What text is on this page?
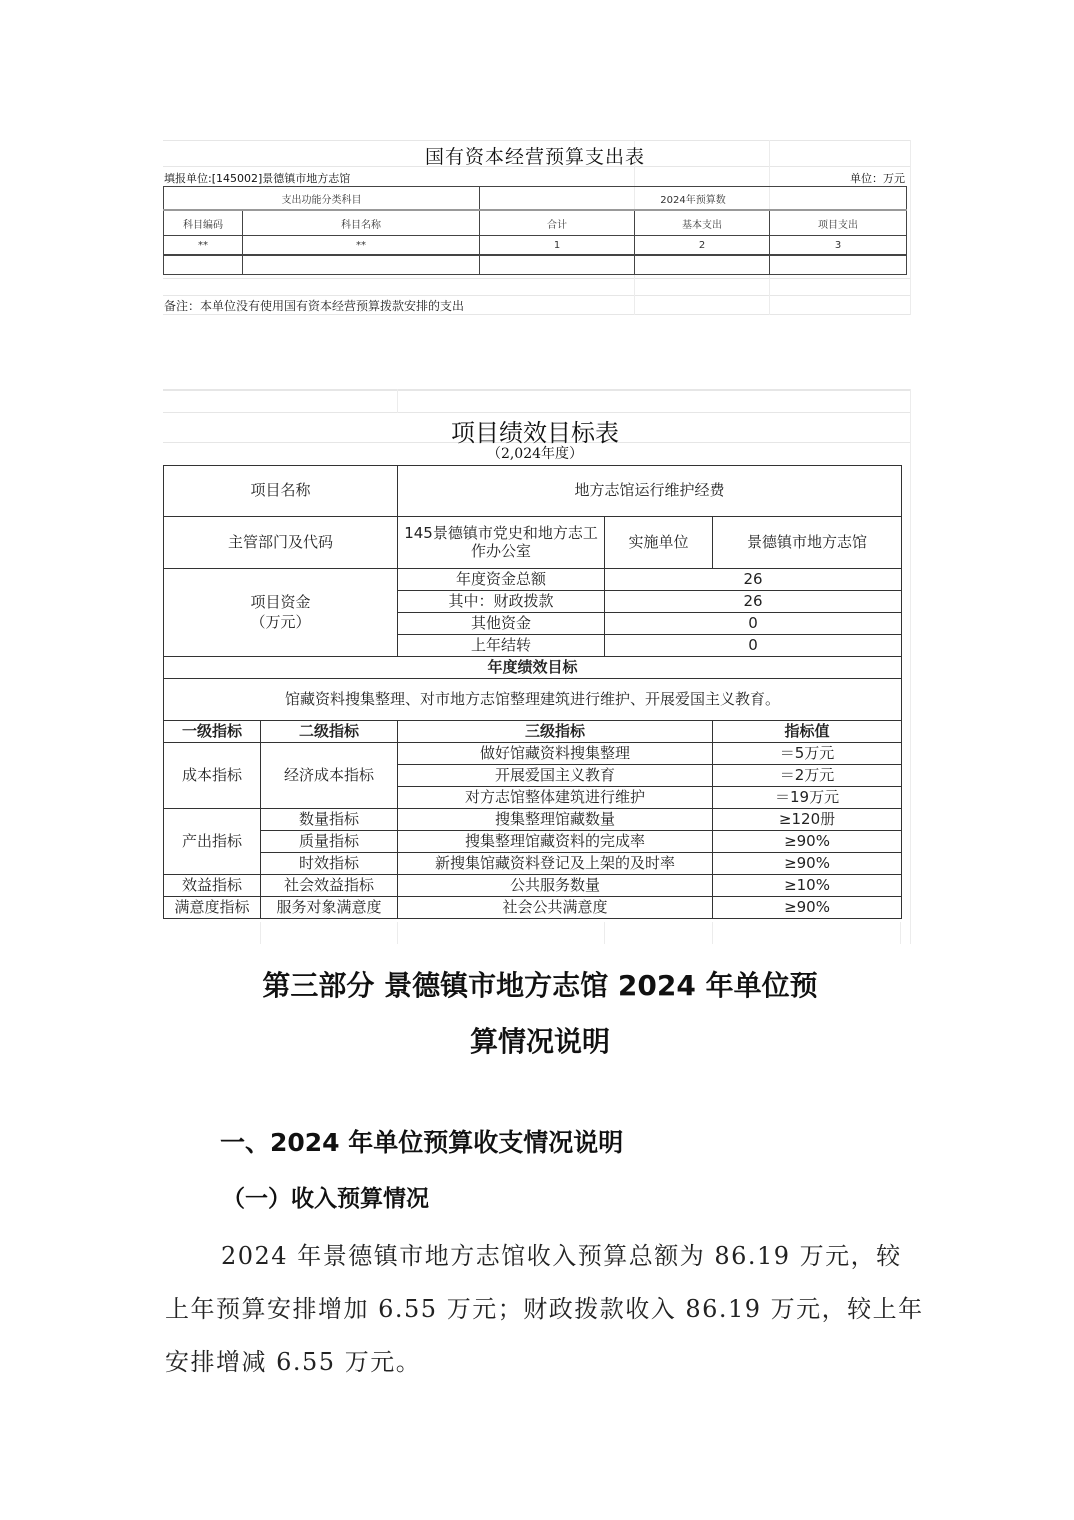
国有资本经营预算支出表
填报单位:[145002]景德镇市地方志馆	单位：万元
支出功能分类科目		2024年预算数		
科目编码	科目名称	合计	基本支出	项目支出
**	**	1	2	3

备注：本单位没有使用国有资本经营预算拨款安排的支出
项目绩效目标表
（2,024年度）
项目名称		地方志馆运行维护经费		
主管部门及代码		145景德镇市党史和地方志工作办公室	实施单位	景德镇市地方志馆

项目资金
（万元）		年度资金总额	26	
		其中：财政拨款	26	
		其他资金	0	
		上年结转	0	
年度绩效目标				
馆藏资料搜集整理、对市地方志馆整理建筑进行维护、开展爱国主义教育。				
一级指标	二级指标	三级指标		指标值
成本指标	经济成本指标	做好馆藏资料搜集整理		＝5万元
		开展爱国主义教育		＝2万元
		对方志馆整体建筑进行维护		＝19万元
产出指标	数量指标	搜集整理馆藏数量		≥120册
	质量指标	搜集整理馆藏资料的完成率		≥90%
	时效指标	新搜集馆藏资料登记及上架的及时率		≥90%
效益指标	社会效益指标	公共服务数量		≥10%
满意度指标	服务对象满意度	社会公共满意度		≥90%
第三部分 景德镇市地方志馆 2024 年单位预
算情况说明
一、2024 年单位预算收支情况说明
（一）收入预算情况
2024 年景德镇市地方志馆收入预算总额为 86.19 万元，较上年预算安排增加 6.55 万元；财政拨款收入 86.19 万元，较上年安排增减 6.55 万元。
